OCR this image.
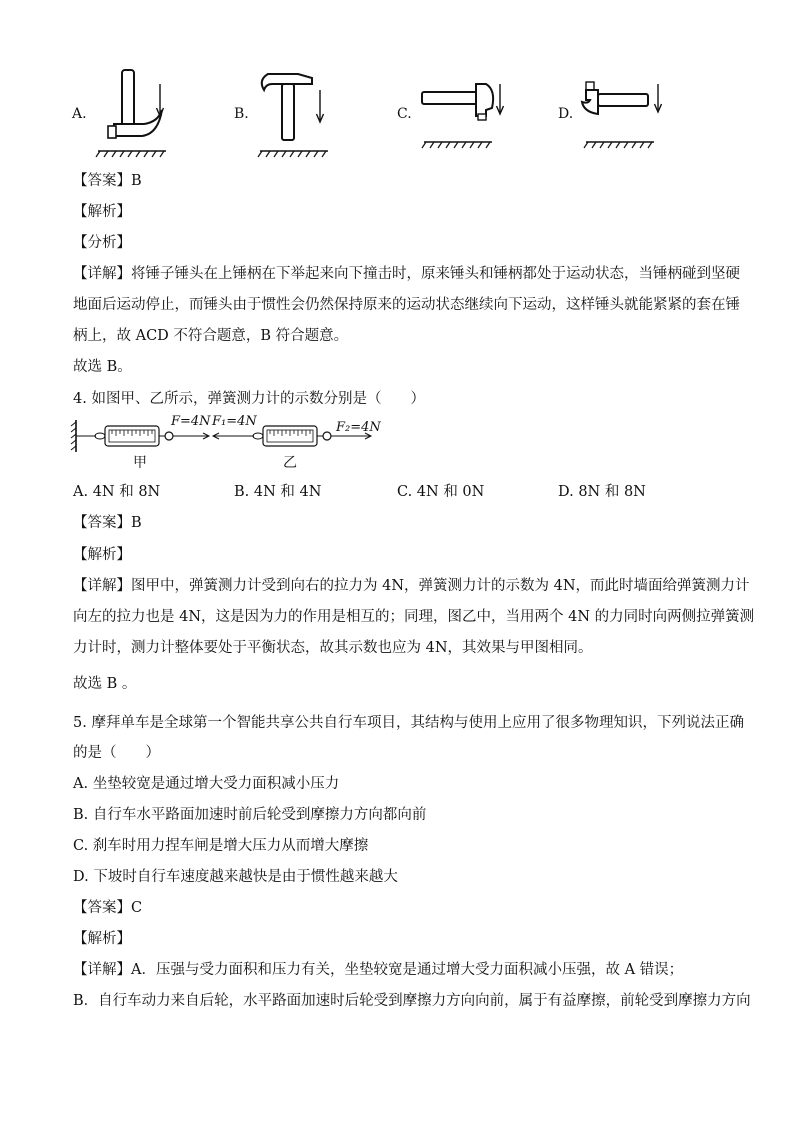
A.	B.	C.	D.
【答案】B
【解析】
【分析】
【详解】将锤子锤头在上锤柄在下举起来向下撞击时，原来锤头和锤柄都处于运动状态，当锤柄碰到坚硬
地面后运动停止，而锤头由于惯性会仍然保持原来的运动状态继续向下运动，这样锤头就能紧紧的套在锤
柄上，故 ACD 不符合题意，B 符合题意。
故选 B。
4. 如图甲、乙所示，弹簧测力计的示数分别是（　　）
F=4N F₁=4N	F₂=4N
甲	乙
A. 4N 和 8N	B. 4N 和 4N	C. 4N 和 0N	D. 8N 和 8N
【答案】B
【解析】
【详解】图甲中，弹簧测力计受到向右的拉力为 4N，弹簧测力计的示数为 4N，而此时墙面给弹簧测力计
向左的拉力也是 4N，这是因为力的作用是相互的；同理，图乙中，当用两个 4N 的力同时向两侧拉弹簧测
力计时，测力计整体要处于平衡状态，故其示数也应为 4N，其效果与甲图相同。
故选 B 。
5. 摩拜单车是全球第一个智能共享公共自行车项目，其结构与使用上应用了很多物理知识，下列说法正确
的是（　　）
A. 坐垫较宽是通过增大受力面积减小压力
B. 自行车水平路面加速时前后轮受到摩擦力方向都向前
C. 刹车时用力捏车闸是增大压力从而增大摩擦
D. 下坡时自行车速度越来越快是由于惯性越来越大
【答案】C
【解析】
【详解】A．压强与受力面积和压力有关，坐垫较宽是通过增大受力面积减小压强，故 A 错误；
B．自行车动力来自后轮，水平路面加速时后轮受到摩擦力方向向前，属于有益摩擦，前轮受到摩擦力方向
